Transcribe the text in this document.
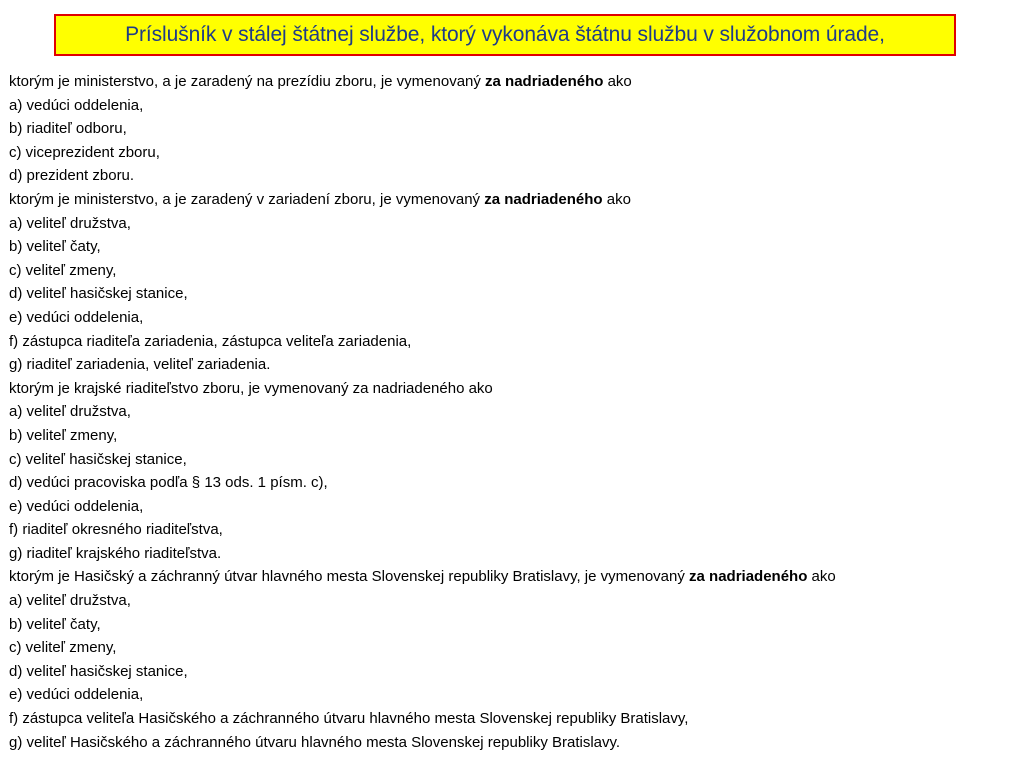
Príslušník v stálej štátnej službe, ktorý vykonáva štátnu službu v služobnom úrade,
ktorým je ministerstvo, a je zaradený na prezídiu zboru, je vymenovaný za nadriadeného ako
a) vedúci oddelenia,
b) riaditeľ odboru,
c) viceprezident zboru,
d) prezident zboru.
ktorým je ministerstvo, a je zaradený v zariadení zboru, je vymenovaný za nadriadeného ako
a) veliteľ družstva,
b) veliteľ čaty,
c) veliteľ zmeny,
d) veliteľ hasičskej stanice,
e) vedúci oddelenia,
f) zástupca riaditeľa zariadenia, zástupca veliteľa zariadenia,
g) riaditeľ zariadenia, veliteľ zariadenia.
ktorým je krajské riaditeľstvo zboru, je vymenovaný za nadriadeného ako
a) veliteľ družstva,
b) veliteľ zmeny,
c) veliteľ hasičskej stanice,
d) vedúci pracoviska podľa § 13 ods. 1 písm. c),
e) vedúci oddelenia,
f) riaditeľ okresného riaditeľstva,
g) riaditeľ krajského riaditeľstva.
ktorým je Hasičský a záchranný útvar hlavného mesta Slovenskej republiky Bratislavy, je vymenovaný za nadriadeného ako
a) veliteľ družstva,
b) veliteľ čaty,
c) veliteľ zmeny,
d) veliteľ hasičskej stanice,
e) vedúci oddelenia,
f) zástupca veliteľa Hasičského a záchranného útvaru hlavného mesta Slovenskej republiky Bratislavy,
g) veliteľ Hasičského a záchranného útvaru hlavného mesta Slovenskej republiky Bratislavy.
